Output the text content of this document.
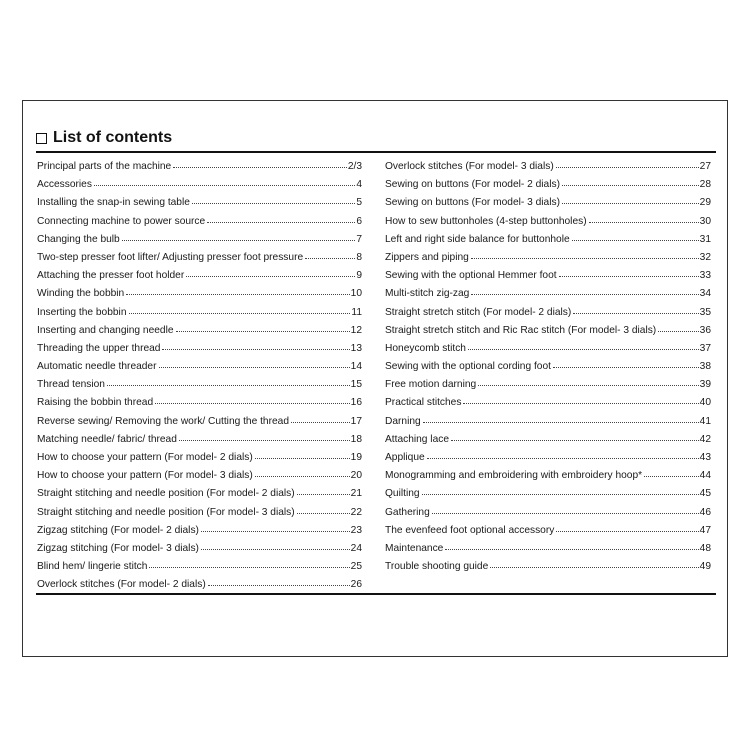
List of contents
Principal parts of the machine	2/3
Accessories	4
Installing the snap-in sewing table	5
Connecting machine to power source	6
Changing the bulb	7
Two-step presser foot lifter/ Adjusting presser foot pressure	8
Attaching the presser foot holder	9
Winding the bobbin	10
Inserting the bobbin	11
Inserting and changing needle	12
Threading the upper thread	13
Automatic needle threader	14
Thread tension	15
Raising the bobbin thread	16
Reverse sewing/ Removing the work/ Cutting the thread	17
Matching needle/ fabric/ thread	18
How to choose your pattern (For model- 2 dials)	19
How to choose your pattern (For model- 3 dials)	20
Straight stitching and needle position (For model- 2 dials)	21
Straight stitching and needle position (For model- 3 dials)	22
Zigzag stitching (For model- 2 dials)	23
Zigzag stitching (For model- 3 dials)	24
Blind hem/ lingerie stitch	25
Overlock stitches (For model- 2 dials)	26
Overlock stitches (For model- 3 dials)	27
Sewing on buttons (For model- 2 dials)	28
Sewing on buttons (For model- 3 dials)	29
How to sew buttonholes (4-step buttonholes)	30
Left and right side balance for buttonhole	31
Zippers and piping	32
Sewing with the optional Hemmer foot	33
Multi-stitch zig-zag	34
Straight stretch stitch (For model- 2 dials)	35
Straight stretch stitch and Ric Rac stitch (For model- 3 dials)	36
Honeycomb stitch	37
Sewing with the optional cording foot	38
Free motion darning	39
Practical stitches	40
Darning	41
Attaching lace	42
Applique	43
Monogramming and embroidering with embroidery hoop*	44
Quilting	45
Gathering	46
The evenfeed foot optional accessory	47
Maintenance	48
Trouble shooting guide	49
